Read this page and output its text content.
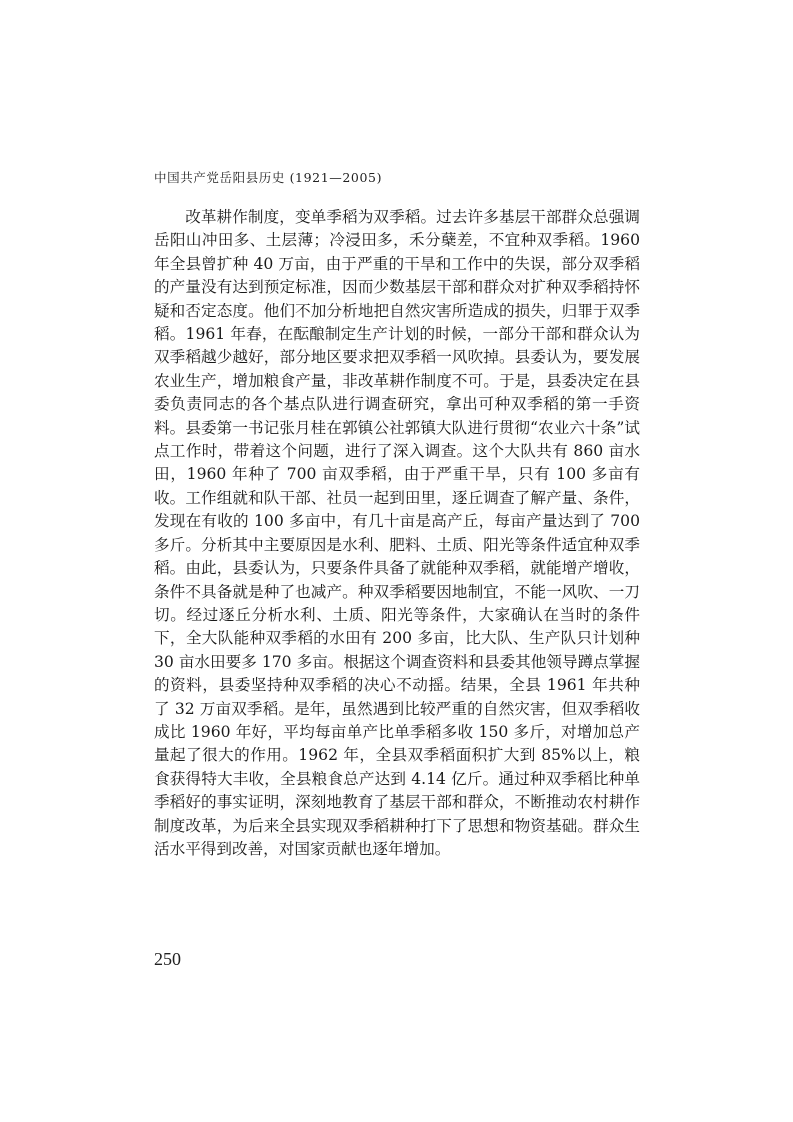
中国共产党岳阳县历史 (1921—2005)

改革耕作制度，变单季稻为双季稻。过去许多基层干部群众总强调岳阳山冲田多、土层薄；冷浸田多，禾分蘖差，不宜种双季稻。1960 年全县曾扩种 40 万亩，由于严重的干旱和工作中的失误，部分双季稻的产量没有达到预定标准，因而少数基层干部和群众对扩种双季稻持怀疑和否定态度。他们不加分析地把自然灾害所造成的损失，归罪于双季稻。1961 年春，在酝酿制定生产计划的时候，一部分干部和群众认为双季稻越少越好，部分地区要求把双季稻一风吹掉。县委认为，要发展农业生产，增加粮食产量，非改革耕作制度不可。于是，县委决定在县委负责同志的各个基点队进行调查研究，拿出可种双季稻的第一手资料。县委第一书记张月桂在郭镇公社郭镇大队进行贯彻“农业六十条”试点工作时，带着这个问题，进行了深入调查。这个大队共有 860 亩水田，1960 年种了 700 亩双季稻，由于严重干旱，只有 100 多亩有收。工作组就和队干部、社员一起到田里，逐丘调查了解产量、条件，发现在有收的 100 多亩中，有几十亩是高产丘，每亩产量达到了 700 多斤。分析其中主要原因是水利、肥料、土质、阳光等条件适宜种双季稻。由此，县委认为，只要条件具备了就能种双季稻，就能增产增收，条件不具备就是种了也减产。种双季稻要因地制宜，不能一风吹、一刀切。经过逐丘分析水利、土质、阳光等条件，大家确认在当时的条件下，全大队能种双季稻的水田有 200 多亩，比大队、生产队只计划种 30 亩水田要多 170 多亩。根据这个调查资料和县委其他领导蹲点掌握的资料，县委坚持种双季稻的决心不动摇。结果，全县 1961 年共种了 32 万亩双季稻。是年，虽然遇到比较严重的自然灾害，但双季稻收成比 1960 年好，平均每亩单产比单季稻多收 150 多斤，对增加总产量起了很大的作用。1962 年，全县双季稻面积扩大到 85%以上，粮食获得特大丰收，全县粮食总产达到 4.14 亿斤。通过种双季稻比种单季稻好的事实证明，深刻地教育了基层干部和群众，不断推动农村耕作制度改革，为后来全县实现双季稻耕种打下了思想和物资基础。群众生活水平得到改善，对国家贡献也逐年增加。

250
